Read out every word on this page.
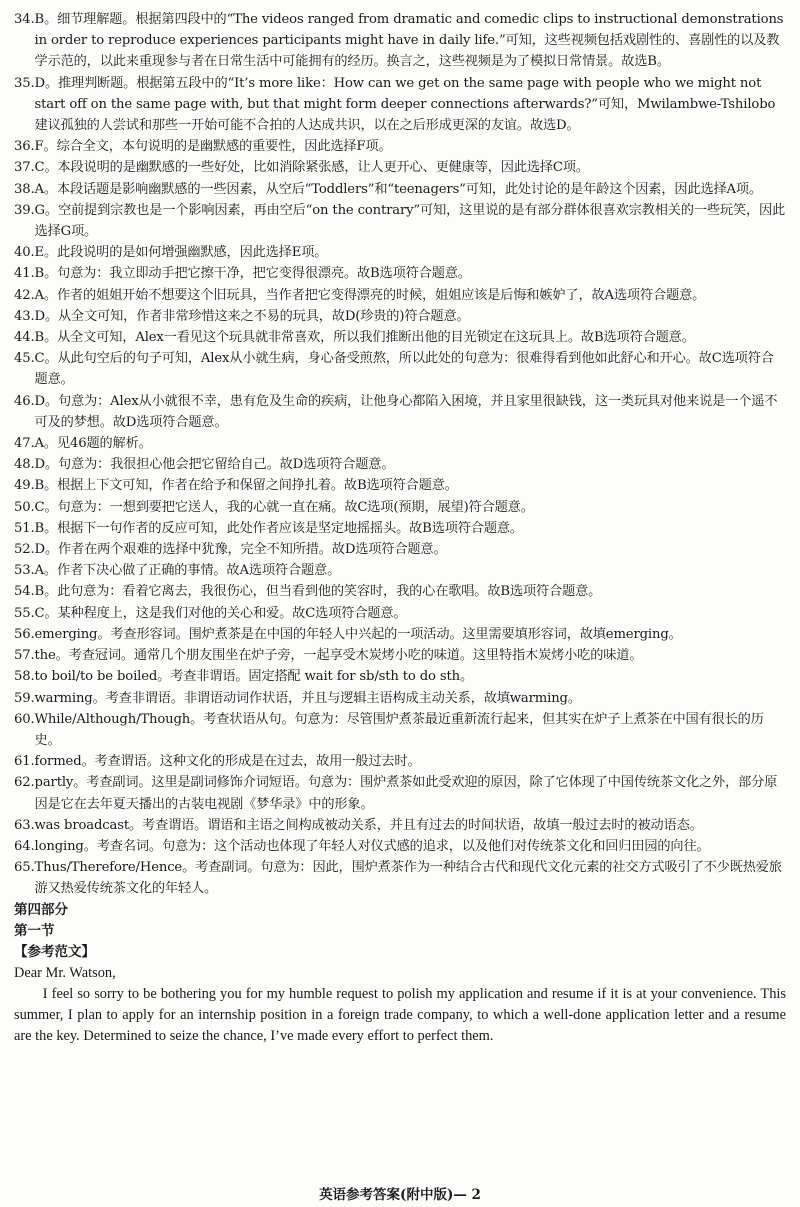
34. B。细节理解题。根据第四段中的“The videos ranged from dramatic and comedic clips to instructional demonstrations in order to reproduce experiences participants might have in daily life.”可知，这些视频包括戏剧性的、喜剧性的以及教学示范的，以此来重现参与者在日常生活中可能拥有的经历。换言之，这些视频是为了模拟日常情景。故选B。
35. D。推理判断题。根据第五段中的“It’s more like：How can we get on the same page with people who we might not start off on the same page with, but that might form deeper connections afterwards?”可知，Mwilambwe-Tshilobo 建议孤独的人尝试和那些一开始可能不合拍的人达成共识，以在之后形成更深的友谊。故选D。
36. F。综合全文，本句说明的是幽默感的重要性，因此选择F项。
37. C。本段说明的是幽默感的一些好处，比如消除紧张感，让人更开心、更健康等，因此选择C项。
38. A。本段话题是影响幽默感的一些因素，从空后“Toddlers”和“teenagers”可知，此处讨论的是年龄这个因素，因此选择A项。
39. G。空前提到宗教也是一个影响因素，再由空后“on the contrary”可知，这里说的是有部分群体很喜欢宗教相关的一些玩笑，因此选择G项。
40. E。此段说明的是如何增强幽默感，因此选择E项。
41. B。句意为：我立即动手把它擦干净，把它变得很漂亮。故B选项符合题意。
42. A。作者的姐姐开始不想要这个旧玩具，当作者把它变得漂亮的时候，姐姐应该是后悔和嫉妒了，故A选项符合题意。
43. D。从全文可知，作者非常珍惜这来之不易的玩具，故D(珍贵的)符合题意。
44. B。从全文可知，Alex一看见这个玩具就非常喜欢，所以我们推断出他的目光锁定在这玩具上。故B选项符合题意。
45. C。从此句空后的句子可知，Alex从小就生病，身心备受煎熬，所以此处的句意为：很难得看到他如此舒心和开心。故C选项符合题意。
46. D。句意为：Alex从小就很不幸，患有危及生命的疾病，让他身心都陷入困境，并且家里很缺钱，这一类玩具对他来说是一个遥不可及的梦想。故D选项符合题意。
47. A。见46题的解析。
48. D。句意为：我很担心他会把它留给自己。故D选项符合题意。
49. B。根据上下文可知，作者在给予和保留之间挣扎着。故B选项符合题意。
50. C。句意为：一想到要把它送人，我的心就一直在痛。故C选项(预期，展望)符合题意。
51. B。根据下一句作者的反应可知，此处作者应该是坚定地摇摇头。故B选项符合题意。
52. D。作者在两个艰难的选择中犹豫，完全不知所措。故D选项符合题意。
53. A。作者下决心做了正确的事情。故A选项符合题意。
54. B。此句意为：看着它离去，我很伤心，但当看到他的笑容时，我的心在歌唱。故B选项符合题意。
55. C。某种程度上，这是我们对他的关心和爱。故C选项符合题意。
56. emerging。考查形容词。围炉煮茶是在中国的年轻人中兴起的一项活动。这里需要填形容词，故填emerging。
57. the。考查冠词。通常几个朋友围坐在炉子旁，一起享受木炭烤小吃的味道。这里特指木炭烤小吃的味道。
58. to boil/to be boiled。考查非谓语。固定搭配 wait for sb/sth to do sth。
59. warming。考查非谓语。非谓语动词作状语，并且与逻辑主语构成主动关系，故填warming。
60. While/Although/Though。考查状语从句。句意为：尽管围炉煮茶最近重新流行起来，但其实在炉子上煮茶在中国有很长的历史。
61. formed。考查谓语。这种文化的形成是在过去，故用一般过去时。
62. partly。考查副词。这里是副词修饰介词短语。句意为：围炉煮茶如此受欢迎的原因，除了它体现了中国传统茶文化之外，部分原因是它在去年夏天播出的古装电视剧《梦华录》中的形象。
63. was broadcast。考查谓语。谓语和主语之间构成被动关系，并且有过去的时间状语，故填一般过去时的被动语态。
64. longing。考查名词。句意为：这个活动也体现了年轻人对仪式感的追求，以及他们对传统茶文化和回归田园的向往。
65. Thus/Therefore/Hence。考查副词。句意为：因此，围炉煮茶作为一种结合古代和现代文化元素的社交方式吸引了不少既热爱旅游又热爱传统茶文化的年轻人。
第四部分
第一节
【参考范文】
Dear Mr. Watson,
I feel so sorry to be bothering you for my humble request to polish my application and resume if it is at your convenience. This summer, I plan to apply for an internship position in a foreign trade company, to which a well-done application letter and a resume are the key. Determined to seize the chance, I’ve made every effort to perfect them.
英语参考答案(附中版)— 2
